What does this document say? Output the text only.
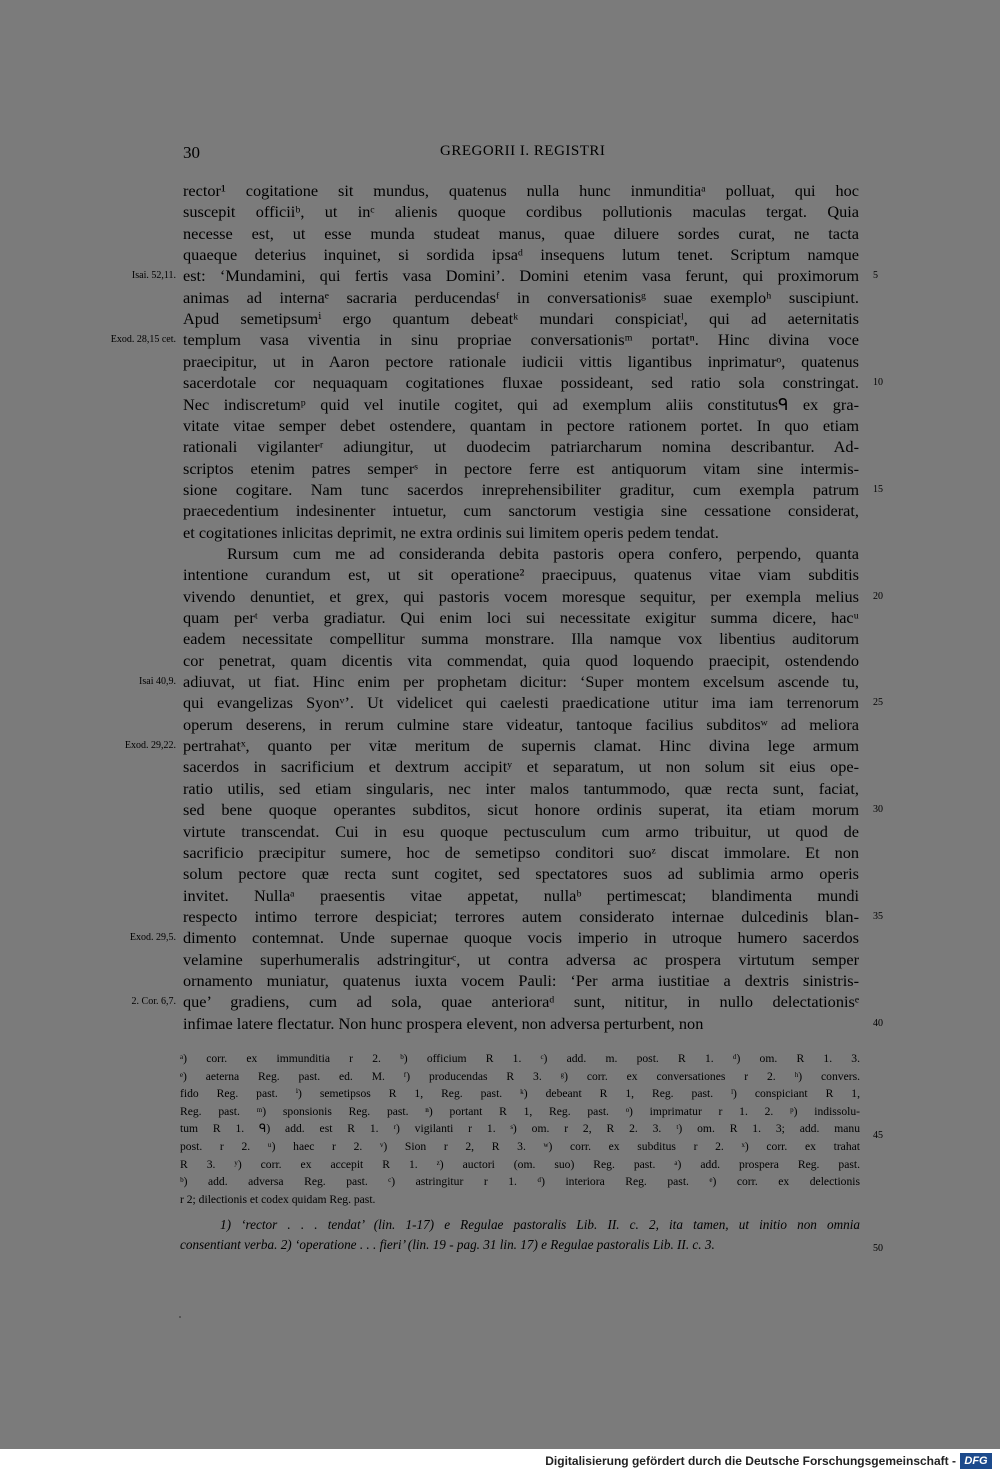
30	GREGORII I. REGISTRI
rector¹ cogitatione sit mundus, quatenus nulla hunc inmunditiaᵃ polluat, qui hoc
suscepit officiiᵇ, ut inᶜ alienis quoque cordibus pollutionis maculas tergat. Quia
necesse est, ut esse munda studeat manus, quae diluere sordes curat, ne tacta
quaeque deterius inquinet, si sordida ipsaᵈ insequens lutum tenet. Scriptum namque
est: ‘Mundamini, qui fertis vasa Domini’. Domini etenim vasa ferunt, qui proximorum
animas ad internaᵉ sacraria perducendasᶠ in conversationisᵍ suae exemploʰ suscipiunt.
Apud semetipsumⁱ ergo quantum debeatᵏ mundari conspiciatˡ, qui ad aeternitatis
templum vasa viventia in sinu propriae conversationisᵐ portatⁿ. Hinc divina voce
praecipitur, ut in Aaron pectore rationale iudicii vittis ligantibus inprimaturᵒ, quatenus
sacerdotale cor nequaquam cogitationes fluxae possideant, sed ratio sola constringat.
Nec indiscretumᵖ quid vel inutile cogitet, qui ad exemplum aliis constitutusᑫ ex gra-
vitate vitae semper debet ostendere, quantam in pectore rationem portet. In quo etiam
rationali vigilanterʳ adiungitur, ut duodecim patriarcharum nomina describantur. Ad-
scriptos etenim patres semperˢ in pectore ferre est antiquorum vitam sine intermis-
sione cogitare. Nam tunc sacerdos inreprehensibiliter graditur, cum exempla patrum
praecedentium indesinenter intuetur, cum sanctorum vestigia sine cessatione considerat,
et cogitationes inlicitas deprimit, ne extra ordinis sui limitem operis pedem tendat.
Rursum cum me ad consideranda debita pastoris opera confero, perpendo, quanta
intentione curandum est, ut sit operatione² praecipuus, quatenus vitae viam subditis
vivendo denuntiet, et grex, qui pastoris vocem moresque sequitur, per exempla melius
quam perᵗ verba gradiatur. Qui enim loci sui necessitate exigitur summa dicere, hacᵘ
eadem necessitate compellitur summa monstrare. Illa namque vox libentius auditorum
cor penetrat, quam dicentis vita commendat, quia quod loquendo praecipit, ostendendo
adiuvat, ut fiat. Hinc enim per prophetam dicitur: ‘Super montem excelsum ascende tu,
qui evangelizas Syonᵛ’. Ut videlicet qui caelesti praedicatione utitur ima iam terrenorum
operum deserens, in rerum culmine stare videatur, tantoque facilius subditosʷ ad meliora
pertrahatˣ, quanto per vitæ meritum de supernis clamat. Hinc divina lege armum
sacerdos in sacrificium et dextrum accipitʸ et separatum, ut non solum sit eius ope-
ratio utilis, sed etiam singularis, nec inter malos tantummodo, quæ recta sunt, faciat,
sed bene quoque operantes subditos, sicut honore ordinis superat, ita etiam morum
virtute transcendat. Cui in esu quoque pectusculum cum armo tribuitur, ut quod de
sacrificio præcipitur sumere, hoc de semetipso conditori suoᶻ discat immolare. Et non
solum pectore quæ recta sunt cogitet, sed spectatores suos ad sublimia armo operis
invitet. Nullaᵃ praesentis vitae appetat, nullaᵇ pertimescat; blandimenta mundi
respecto intimo terrore despiciat; terrores autem considerato internae dulcedinis blan-
dimento contemnat. Unde supernae quoque vocis imperio in utroque humero sacerdos
velamine superhumeralis adstringiturᶜ, ut contra adversa ac prospera virtutum semper
ornamento muniatur, quatenus iuxta vocem Pauli: ‘Per arma iustitiae a dextris sinistris-
que’ gradiens, cum ad sola, quae anterioraᵈ sunt, nititur, in nullo delectationisᵉ
infimae latere flectatur. Non hunc prospera elevent, non adversa perturbent, non
Isai. 52,11.
Exod. 28,15 cet.
Isai 40,9.
Exod. 29,22.
Exod. 29,5.
2. Cor. 6,7.
5
10
15
20
25
30
35
40
ᵃ) corr. ex immunditia r 2. ᵇ) officium R 1. ᶜ) add. m. post. R 1. ᵈ) om. R 1. 3.
ᵉ) aeterna Reg. past. ed. M. ᶠ) producendas R 3. ᵍ) corr. ex conversationes r 2. ʰ) convers.
fido Reg. past. ⁱ) semetipsos R 1, Reg. past. ᵏ) debeant R 1, Reg. past. ˡ) conspiciant R 1,
Reg. past. ᵐ) sponsionis Reg. past. ⁿ) portant R 1, Reg. past. ᵒ) imprimatur r 1. 2. ᵖ) indissolu-
tum R 1. ᑫ) add. est R 1. ʳ) vigilanti r 1. ˢ) om. r 2, R 2. 3. ᵗ) om. R 1. 3; add. manu
post. r 2. ᵘ) haec r 2. ᵛ) Sion r 2, R 3. ʷ) corr. ex subditus r 2. ˣ) corr. ex trahat
R 3. ʸ) corr. ex accepit R 1. ᶻ) auctori (om. suo) Reg. past. ᵃ) add. prospera Reg. past.
ᵇ) add. adversa Reg. past. ᶜ) astringitur r 1. ᵈ) interiora Reg. past. ᵉ) corr. ex delectionis
r 2; dilectionis et codex quidam Reg. past.
45
1) ‘rector . . . tendat’ (lin. 1-17) e Regulae pastoralis Lib. II. c. 2, ita tamen, ut initio non omnia
consentiant verba. 2) ‘operatione . . . fieri’ (lin. 19 - pag. 31 lin. 17) e Regulae pastoralis Lib. II. c. 3.	50
Digitalisierung gefördert durch die Deutsche Forschungsgemeinschaft - DFG
